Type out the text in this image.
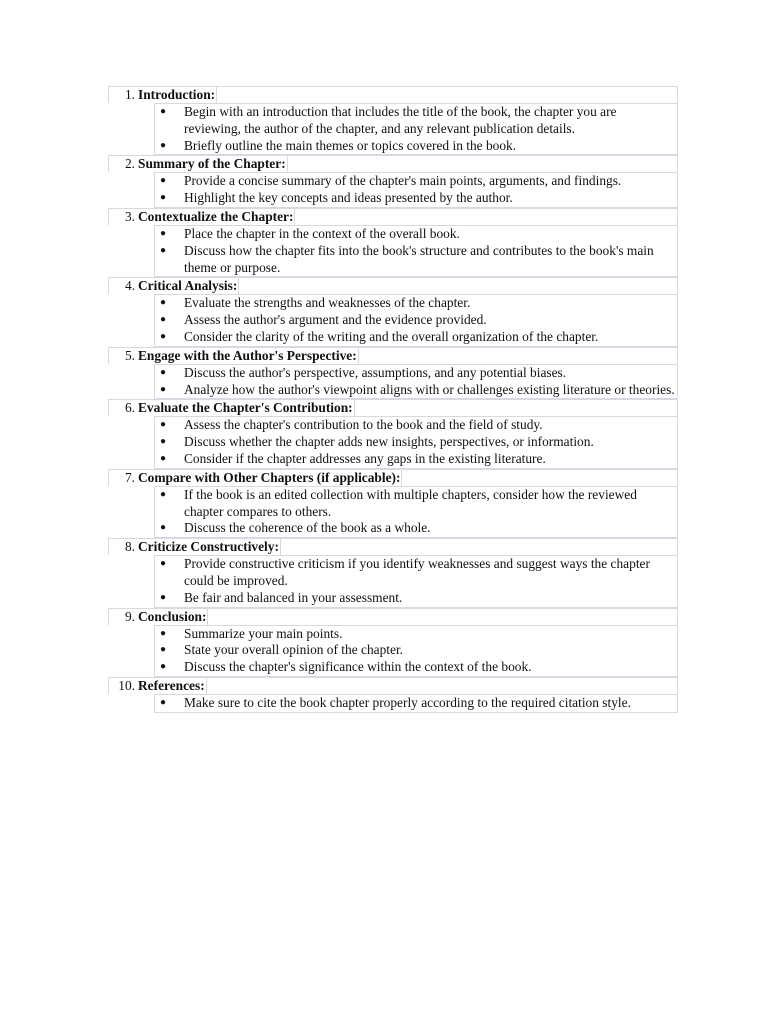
1. Introduction:
● Begin with an introduction that includes the title of the book, the chapter you are reviewing, the author of the chapter, and any relevant publication details.
● Briefly outline the main themes or topics covered in the book.
2. Summary of the Chapter:
● Provide a concise summary of the chapter's main points, arguments, and findings.
● Highlight the key concepts and ideas presented by the author.
3. Contextualize the Chapter:
● Place the chapter in the context of the overall book.
● Discuss how the chapter fits into the book's structure and contributes to the book's main theme or purpose.
4. Critical Analysis:
● Evaluate the strengths and weaknesses of the chapter.
● Assess the author's argument and the evidence provided.
● Consider the clarity of the writing and the overall organization of the chapter.
5. Engage with the Author's Perspective:
● Discuss the author's perspective, assumptions, and any potential biases.
● Analyze how the author's viewpoint aligns with or challenges existing literature or theories.
6. Evaluate the Chapter's Contribution:
● Assess the chapter's contribution to the book and the field of study.
● Discuss whether the chapter adds new insights, perspectives, or information.
● Consider if the chapter addresses any gaps in the existing literature.
7. Compare with Other Chapters (if applicable):
● If the book is an edited collection with multiple chapters, consider how the reviewed chapter compares to others.
● Discuss the coherence of the book as a whole.
8. Criticize Constructively:
● Provide constructive criticism if you identify weaknesses and suggest ways the chapter could be improved.
● Be fair and balanced in your assessment.
9. Conclusion:
● Summarize your main points.
● State your overall opinion of the chapter.
● Discuss the chapter's significance within the context of the book.
10. References:
● Make sure to cite the book chapter properly according to the required citation style.
